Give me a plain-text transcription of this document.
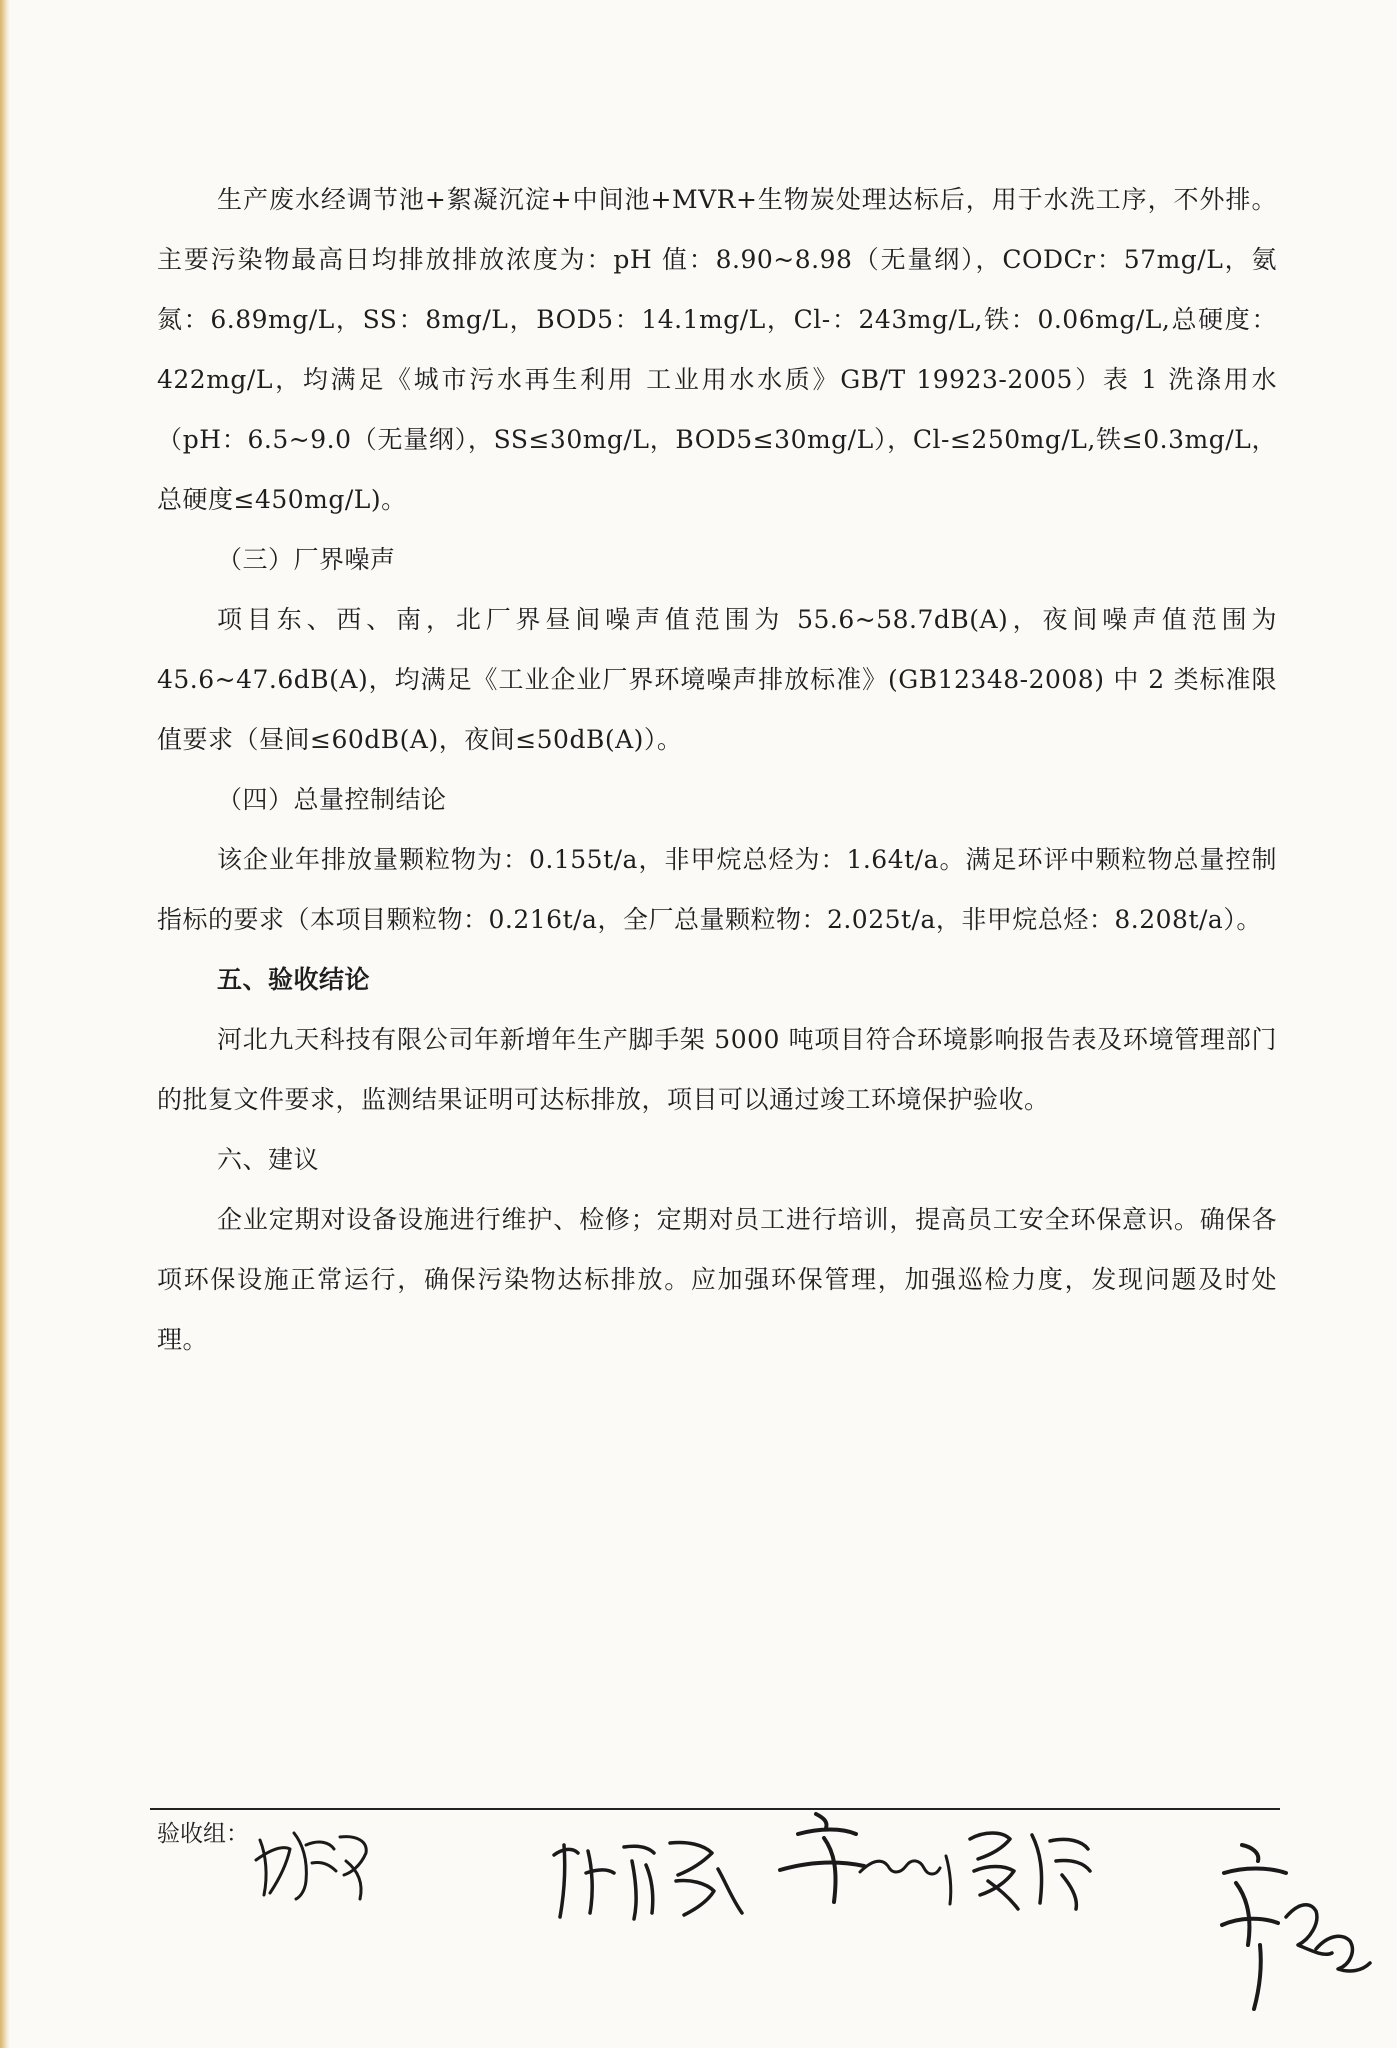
生产废水经调节池+絮凝沉淀+中间池+MVR+生物炭处理达标后，用于水洗工序，不外排。主要污染物最高日均排放排放浓度为：pH 值：8.90~8.98（无量纲），CODCr：57mg/L，氨氮：6.89mg/L，SS：8mg/L，BOD5：14.1mg/L，Cl-：243mg/L,铁：0.06mg/L,总硬度：422mg/L，均满足《城市污水再生利用 工业用水水质》GB/T 19923-2005）表 1 洗涤用水（pH：6.5~9.0（无量纲），SS≤30mg/L，BOD5≤30mg/L），Cl-≤250mg/L,铁≤0.3mg/L，总硬度≤450mg/L)。

（三）厂界噪声

项目东、西、南，北厂界昼间噪声值范围为 55.6~58.7dB(A)，夜间噪声值范围为 45.6~47.6dB(A)，均满足《工业企业厂界环境噪声排放标准》(GB12348-2008) 中 2 类标准限值要求（昼间≤60dB(A)，夜间≤50dB(A)）。

（四）总量控制结论

该企业年排放量颗粒物为：0.155t/a，非甲烷总烃为：1.64t/a。满足环评中颗粒物总量控制指标的要求（本项目颗粒物：0.216t/a，全厂总量颗粒物：2.025t/a，非甲烷总烃：8.208t/a）。

五、验收结论

河北九天科技有限公司年新增年生产脚手架 5000 吨项目符合环境影响报告表及环境管理部门的批复文件要求，监测结果证明可达标排放，项目可以通过竣工环境保护验收。

六、建议

企业定期对设备设施进行维护、检修；定期对员工进行培训，提高员工安全环保意识。确保各项环保设施正常运行，确保污染物达标排放。应加强环保管理，加强巡检力度，发现问题及时处理。

验收组：
